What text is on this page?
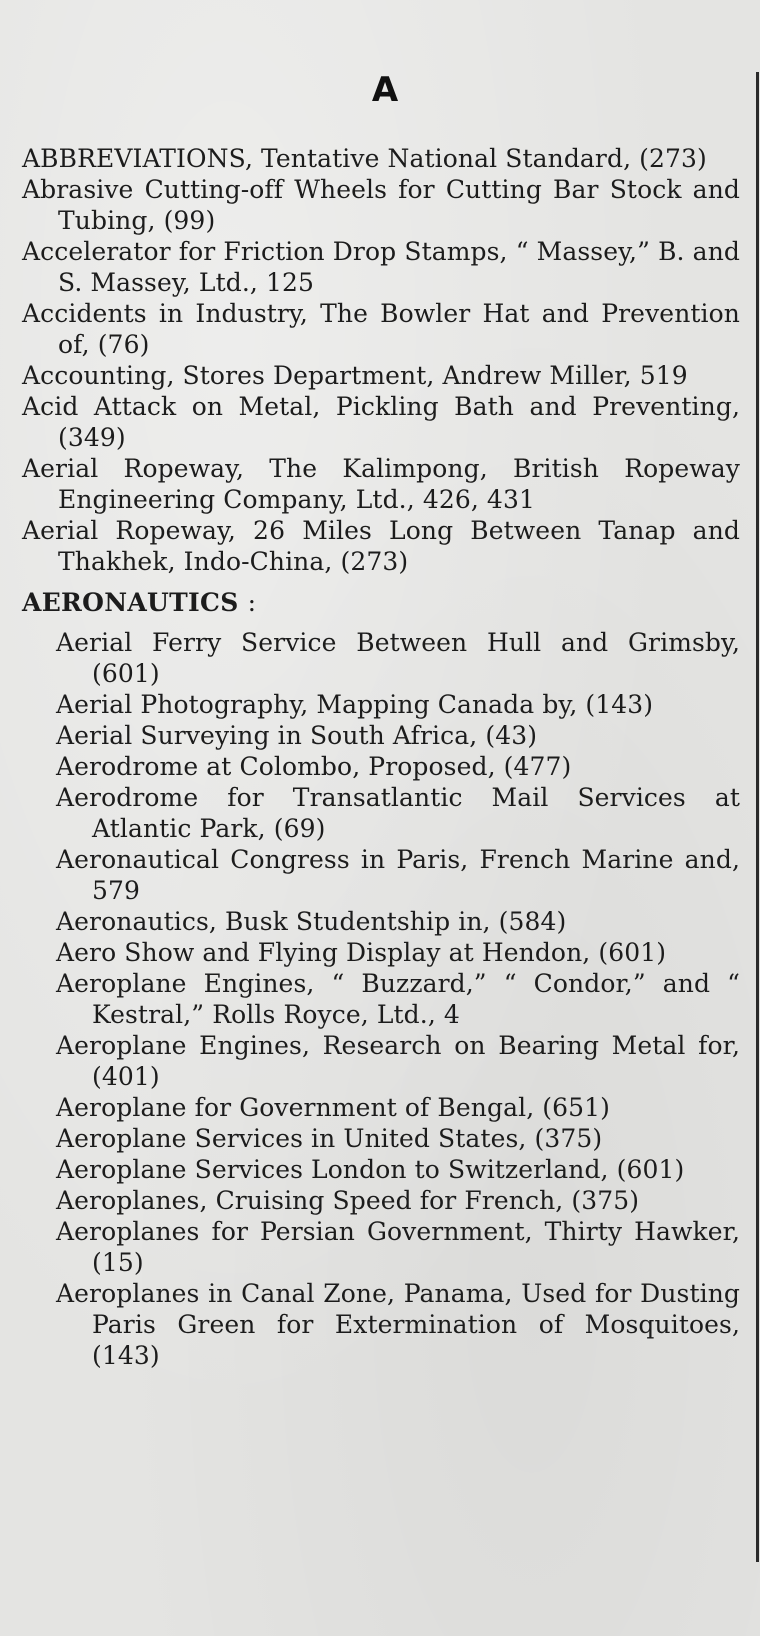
A

ABBREVIATIONS, Tentative National Standard, (273)

Abrasive Cutting-off Wheels for Cutting Bar Stock and Tubing, (99)

Accelerator for Friction Drop Stamps, “ Massey,” B. and S. Massey, Ltd., 125

Accidents in Industry, The Bowler Hat and Prevention of, (76)

Accounting, Stores Department, Andrew Miller, 519

Acid Attack on Metal, Pickling Bath and Preventing, (349)

Aerial Ropeway, The Kalimpong, British Ropeway Engineering Company, Ltd., 426, 431

Aerial Ropeway, 26 Miles Long Between Tanap and Thakhek, Indo-China, (273)

AERONAUTICS :

Aerial Ferry Service Between Hull and Grimsby, (601)

Aerial Photography, Mapping Canada by, (143)

Aerial Surveying in South Africa, (43)

Aerodrome at Colombo, Proposed, (477)

Aerodrome for Transatlantic Mail Services at Atlantic Park, (69)

Aeronautical Congress in Paris, French Marine and, 579

Aeronautics, Busk Studentship in, (584)

Aero Show and Flying Display at Hendon, (601)

Aeroplane Engines, “ Buzzard,” “ Condor,” and “ Kestral,” Rolls Royce, Ltd., 4

Aeroplane Engines, Research on Bearing Metal for, (401)

Aeroplane for Government of Bengal, (651)

Aeroplane Services in United States, (375)

Aeroplane Services London to Switzerland, (601)

Aeroplanes, Cruising Speed for French, (375)

Aeroplanes for Persian Government, Thirty Hawker, (15)

Aeroplanes in Canal Zone, Panama, Used for Dusting Paris Green for Extermination of Mosquitoes, (143)
